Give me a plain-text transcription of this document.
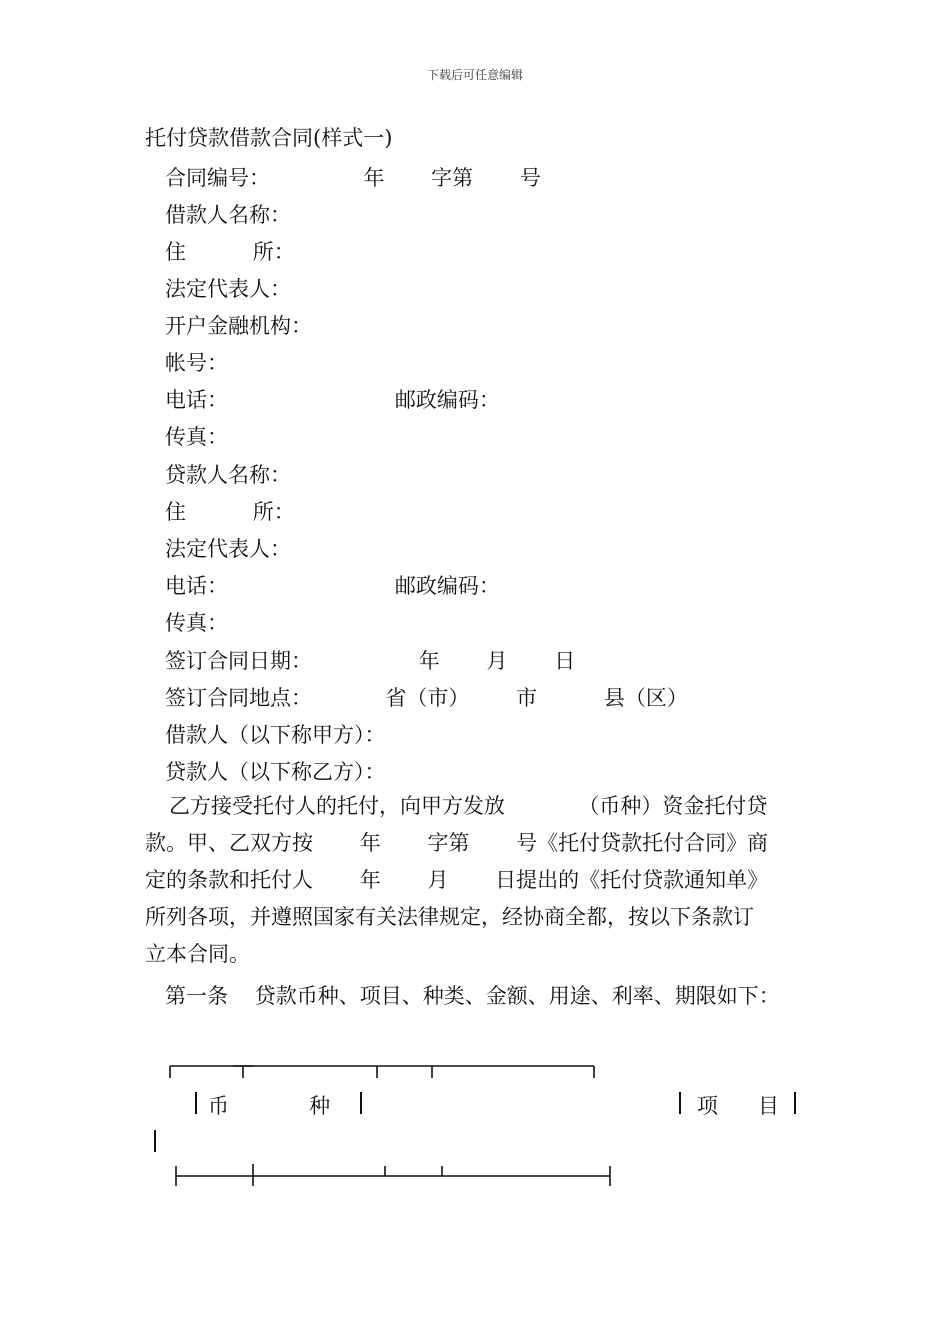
下载后可任意编辑
托付贷款借款合同(样式一)
合同编号：              年       字第       号
借款人名称：
住          所：
法定代表人：
开户金融机构：
帐号：
电话：                         邮政编码：
传真：
贷款人名称：
住          所：
法定代表人：
电话：                         邮政编码：
传真：
签订合同日期：                年       月       日
签订合同地点：           省（市）       市          县（区）
借款人（以下称甲方）：
贷款人（以下称乙方）：

乙方接受托付人的托付，向甲方发放           （币种）资金托付贷

款。甲、乙双方按       年       字第       号《托付贷款托付合同》商

定的条款和托付人       年       月       日提出的《托付贷款通知单》

所列各项，并遵照国家有关法律规定，经协商全都，按以下条款订

立本合同。

第一条    贷款币种、项目、种类、金额、用途、利率、期限如下：
币            种	项      目
